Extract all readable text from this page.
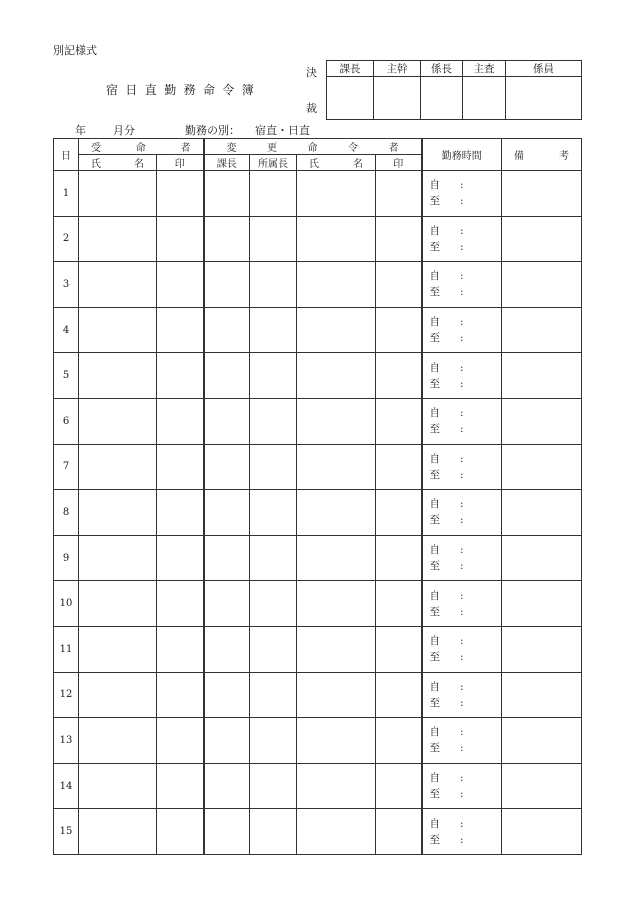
別記様式
宿日直勤務命令簿
決
裁
課長	主幹	係長	主査	係員

年 月分	勤務の別： 宿直・日直
日	受 命 者		変 更 命 令 者				勤務時間	備 考

	氏 名	印	課長	所属長	氏 名	印		
1							自 :
至 :	

2							自 :
至 :	

3							自 :
至 :	

4							自 :
至 :	

5							自 :
至 :	

6							自 :
至 :	

7							自 :
至 :	

8							自 :
至 :	

9							自 :
至 :	

10							自 :
至 :	

11							自 :
至 :	

12							自 :
至 :	

13							自 :
至 :	

14							自 :
至 :	

15							自 :
至 :	
